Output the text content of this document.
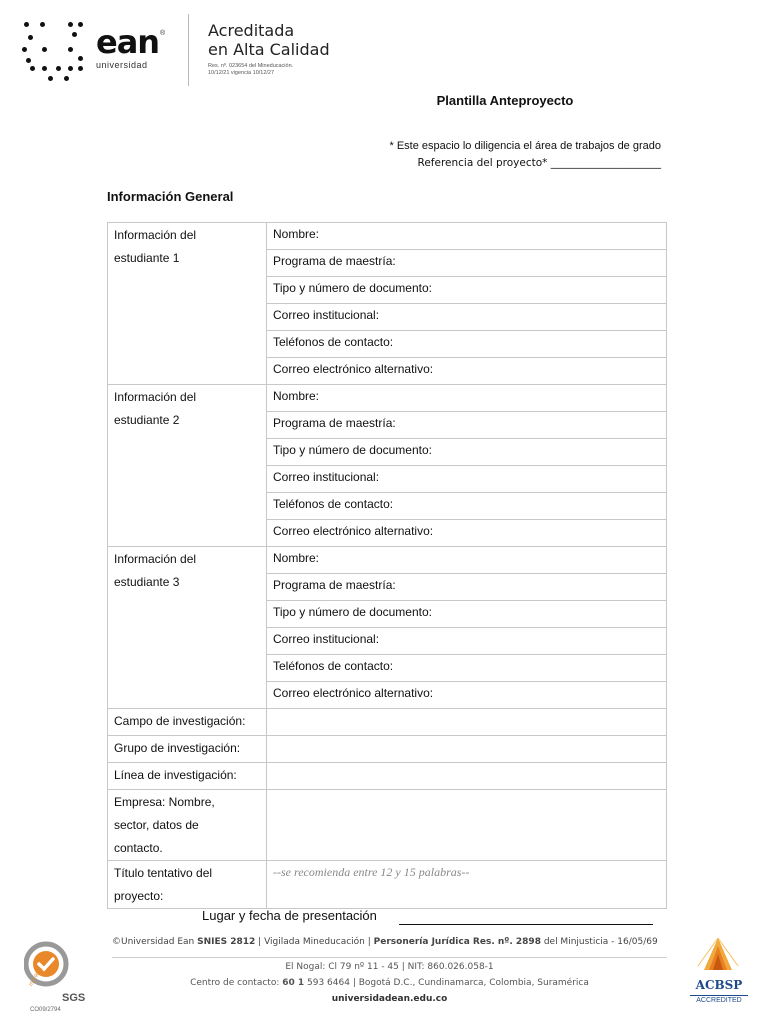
ean ®
universidad
Acreditada
en Alta Calidad
Res. nº. 023654 del Mineducación.
10/12/21 vigencia 10/12/27
Plantilla Anteproyecto
* Este espacio lo diligencia el área de trabajos de grado
Referencia del proyecto* _____________________
Información General
Información del
estudiante 1	Nombre:
	Programa de maestría:
	Tipo y número de documento:
	Correo institucional:
	Teléfonos de contacto:
	Correo electrónico alternativo:

Información del
estudiante 2	Nombre:
	Programa de maestría:
	Tipo y número de documento:
	Correo institucional:
	Teléfonos de contacto:
	Correo electrónico alternativo:

Información del
estudiante 3	Nombre:
	Programa de maestría:
	Tipo y número de documento:
	Correo institucional:
	Teléfonos de contacto:
	Correo electrónico alternativo:
Campo de investigación:	
Grupo de investigación:	
Línea de investigación:	

Empresa: Nombre,
sector, datos de
contacto.	

Título tentativo del
proyecto:	--se recomienda entre 12 y 15 palabras--
Lugar y fecha de presentación
©Universidad Ean SNIES 2812 | Vigilada Mineducación | Personería Jurídica Res. nº. 2898 del Minjusticia - 16/05/69
El Nogal: Cl 79 nº 11 - 45 | NIT: 860.026.058-1
Centro de contacto: 60 1 593 6464 | Bogotá D.C., Cundinamarca, Colombia, Suramérica
universidadean.edu.co
ISO 9001
SGS
CO09/2794
ACBSP
ACCREDITED
